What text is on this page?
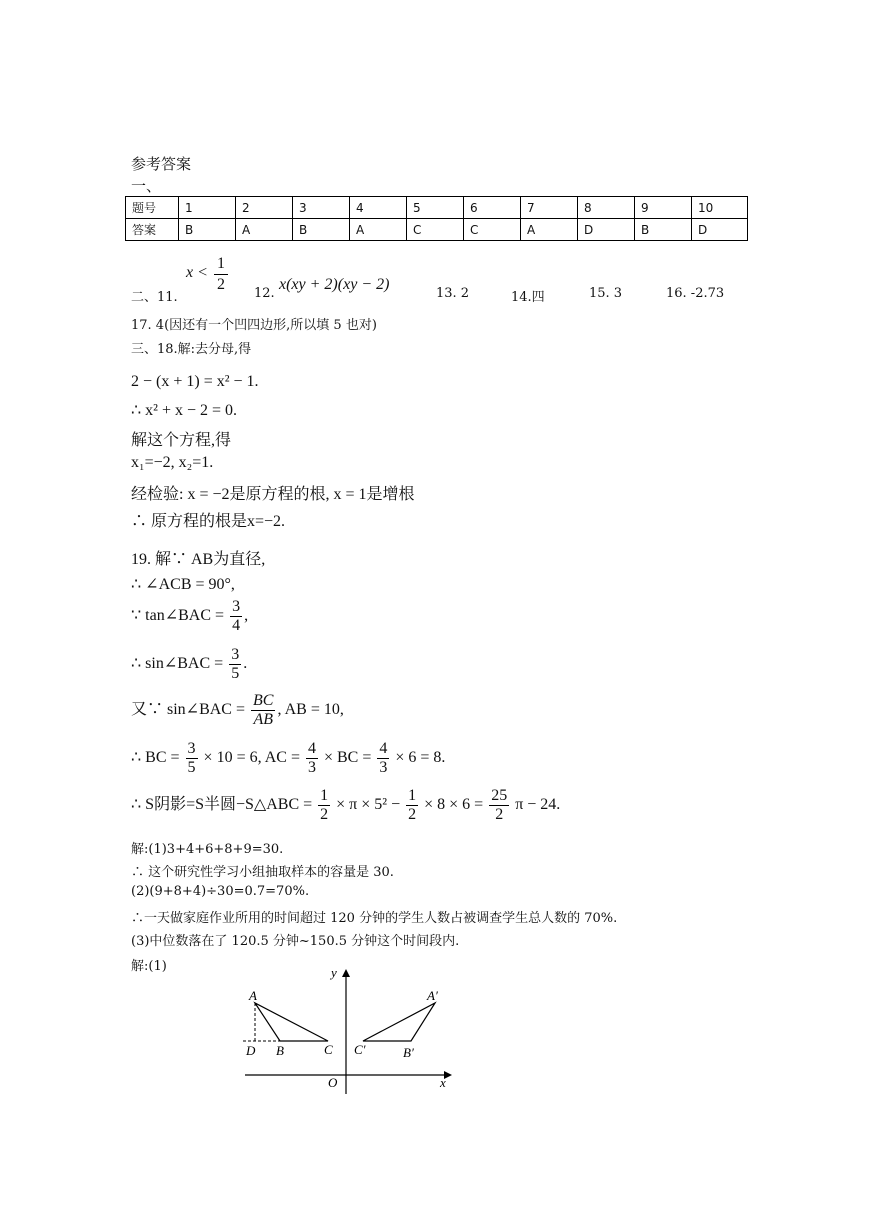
参考答案
一、
题号	1	2	3	4	5	6	7	8	9	10
答案	B	A	B	A	C	C	A	D	B	D
二、11.
$x < \frac{1}{2} 12$.
x(xy + 2)(xy − 2)
13. 2	14.四	15. 3	16. -2.73
17. 4(因还有一个凹四边形,所以填 5 也对)
三、18.解:去分母,得
2 − (x + 1) = x² − 1.
∴ x² + x − 2 = 0.
解这个方程,得
x₁=−2, x₂=1.
经检验: x = −2是原方程的根, x = 1是增根
∴ 原方程的根是x=−2.
19. 解∵ AB为直径,
∴ ∠ACB = 90°,
∵ tan∠BAC = $\frac{3}{4}$ ,
∴ sin∠BAC = $\frac{3}{5}$ .
又∵ sin∠BAC = $\frac{BC}{AB}$ , AB = 10,
∴ BC = $\frac{3}{5} \times 10 = 6$, AC = $\frac{4}{3}$ × BC = $\frac{4}{3} \times 6 = 8$.
∴ S阴影=S半圆−S△ABC = $\frac{1}{2} \times \pi \times 5^2 - \frac{1}{2} \times 8 \times 6 = \frac{25}{2}$ π − 24.
解:(1)3+4+6+8+9=30.
∴ 这个研究性学习小组抽取样本的容量是 30.
(2)(9+8+4)÷30=0.7=70%.
∴一天做家庭作业所用的时间超过 120 分钟的学生人数占被调查学生总人数的 70%.
(3)中位数落在了 120.5 分钟~150.5 分钟这个时间段内.
解:(1)	y
x
O
A
D B	C
A′
C′	B′
